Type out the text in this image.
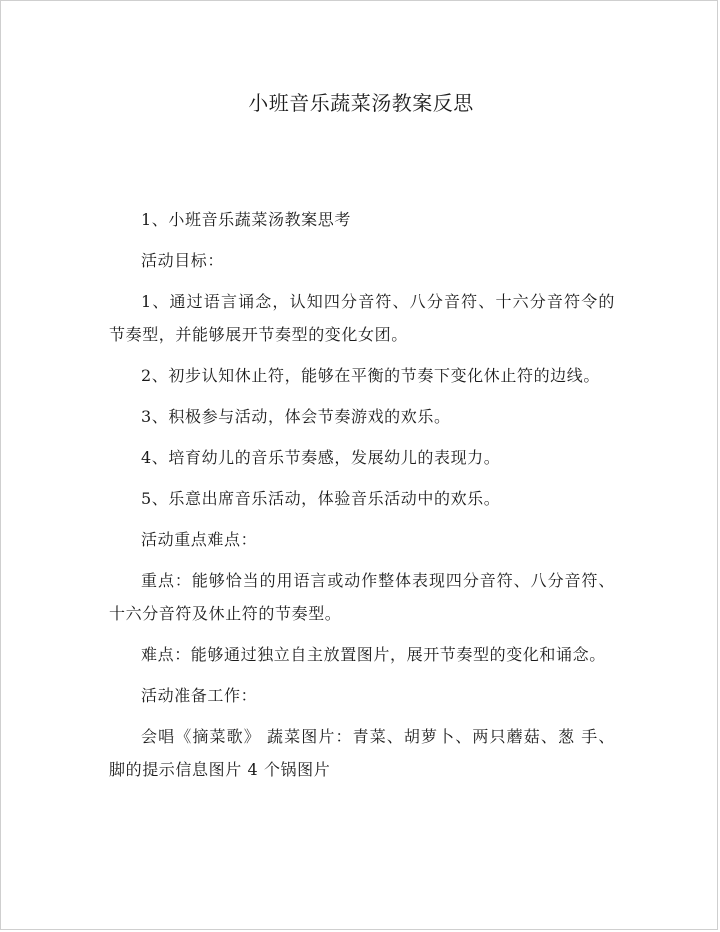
小班音乐蔬菜汤教案反思

1、小班音乐蔬菜汤教案思考

活动目标：

1、通过语言诵念，认知四分音符、八分音符、十六分音符令的节奏型，并能够展开节奏型的变化女团。

2、初步认知休止符，能够在平衡的节奏下变化休止符的边线。

3、积极参与活动，体会节奏游戏的欢乐。

4、培育幼儿的音乐节奏感，发展幼儿的表现力。

5、乐意出席音乐活动，体验音乐活动中的欢乐。

活动重点难点：

重点：能够恰当的用语言或动作整体表现四分音符、八分音符、十六分音符及休止符的节奏型。

难点：能够通过独立自主放置图片，展开节奏型的变化和诵念。

活动准备工作：

会唱《摘菜歌》 蔬菜图片：青菜、胡萝卜、两只蘑菇、葱 手、脚的提示信息图片 4 个锅图片
